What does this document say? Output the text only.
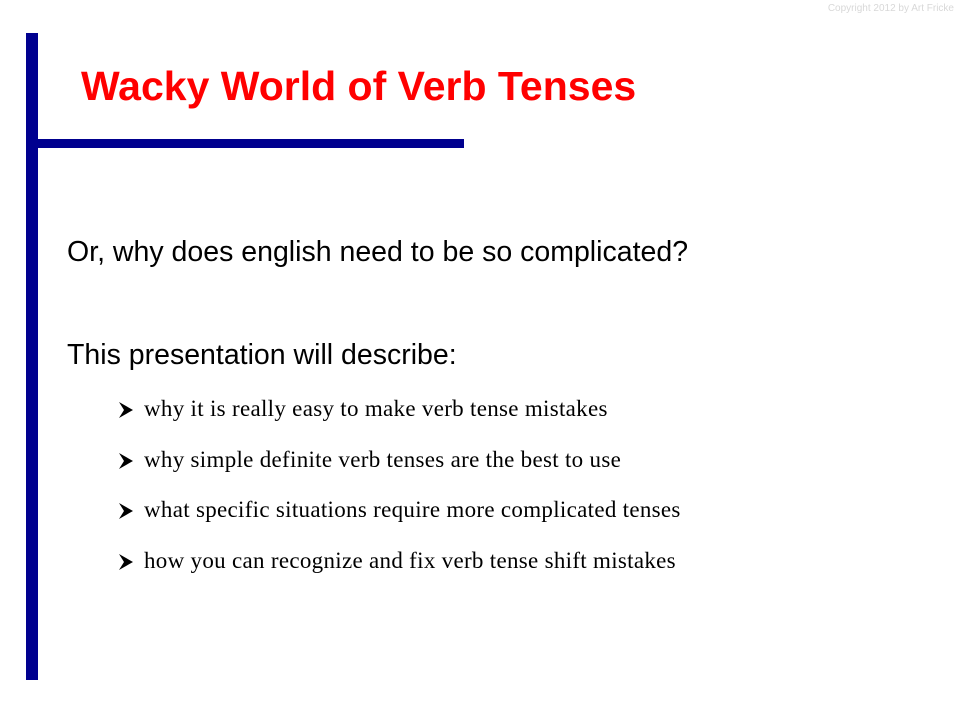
Copyright 2012 by Art Fricke
Wacky World of Verb Tenses
Or, why does english need to be so complicated?
This presentation will describe:
why it is really easy to make verb tense mistakes
why simple definite verb tenses are the best to use
what specific situations require more complicated tenses
how you can recognize and fix verb tense shift mistakes
